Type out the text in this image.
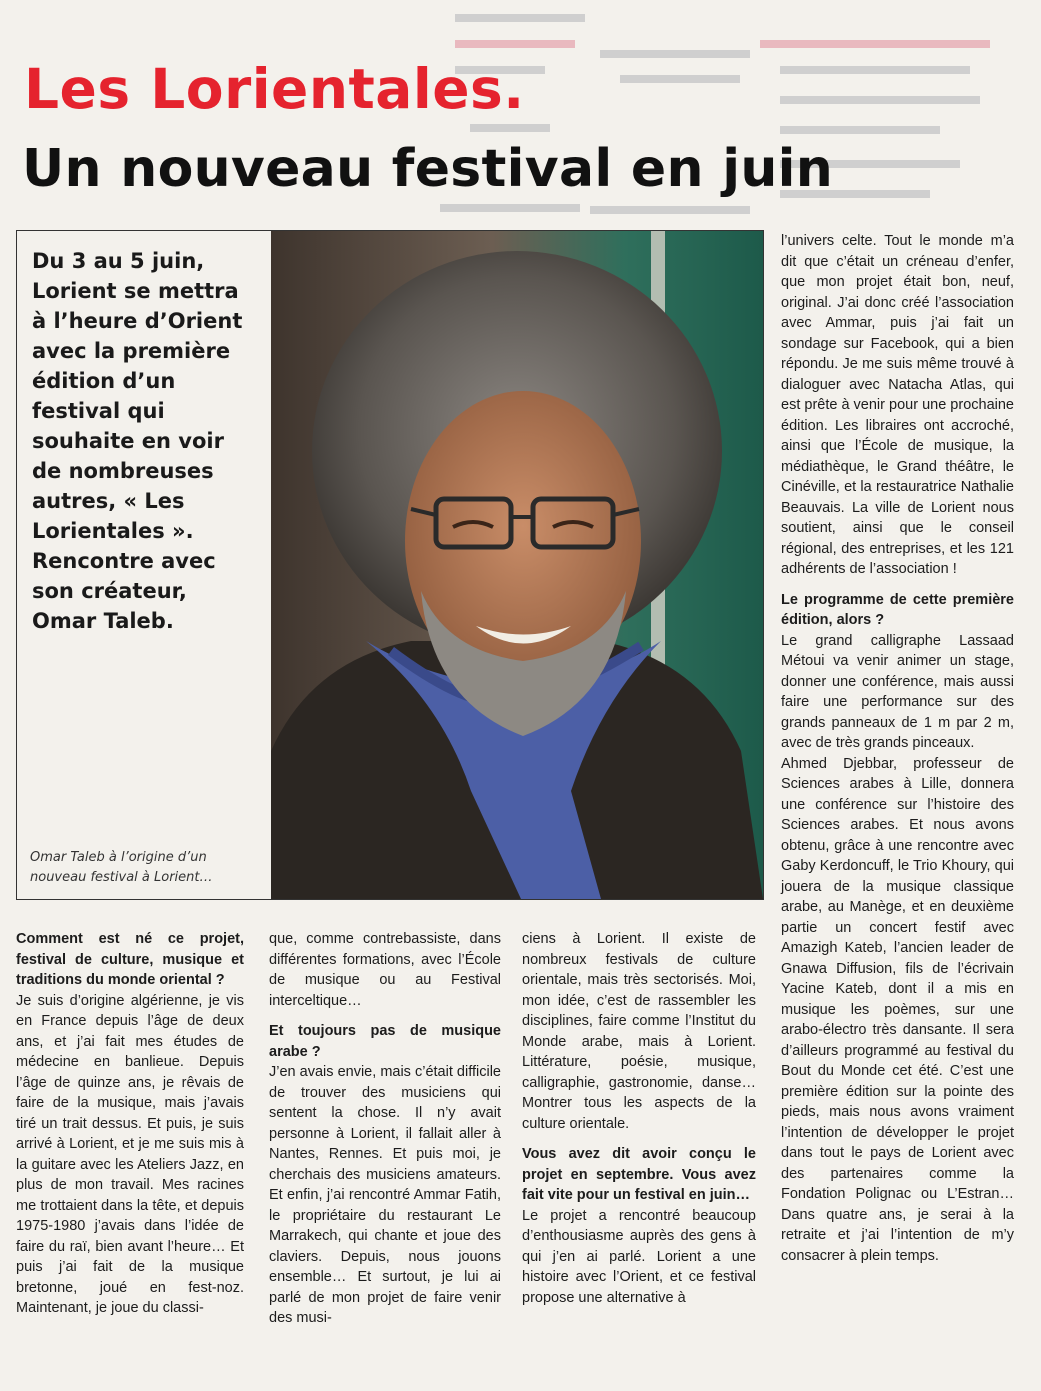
Les Lorientales.
Un nouveau festival en juin

Du 3 au 5 juin, Lorient se mettra à l’heure d’Orient avec la première édition d’un festival qui souhaite en voir de nombreuses autres, « Les Lorientales ». Rencontre avec son créateur, Omar Taleb.

Omar Taleb à l’origine d’un nouveau festival à Lorient…

Comment est né ce projet, festival de culture, musique et traditions du monde oriental ?

Je suis d’origine algérienne, je vis en France depuis l’âge de deux ans, et j’ai fait mes études de médecine en banlieue. Depuis l’âge de quinze ans, je rêvais de faire de la musique, mais j’avais tiré un trait dessus. Et puis, je suis arrivé à Lorient, et je me suis mis à la guitare avec les Ateliers Jazz, en plus de mon travail. Mes racines me trottaient dans la tête, et depuis 1975-1980 j’avais dans l’idée de faire du raï, bien avant l’heure… Et puis j’ai fait de la musique bretonne, joué en fest-noz. Maintenant, je joue du classi-

que, comme contrebassiste, dans différentes formations, avec l’École de musique ou au Festival interceltique…

Et toujours pas de musique arabe ?

J’en avais envie, mais c’était difficile de trouver des musiciens qui sentent la chose. Il n’y avait personne à Lorient, il fallait aller à Nantes, Rennes. Et puis moi, je cherchais des musiciens amateurs. Et enfin, j’ai rencontré Ammar Fatih, le propriétaire du restaurant Le Marrakech, qui chante et joue des claviers. Depuis, nous jouons ensemble… Et surtout, je lui ai parlé de mon projet de faire venir des musi-

ciens à Lorient. Il existe de nombreux festivals de culture orientale, mais très sectorisés. Moi, mon idée, c’est de rassembler les disciplines, faire comme l’Institut du Monde arabe, mais à Lorient. Littérature, poésie, musique, calligraphie, gastronomie, danse… Montrer tous les aspects de la culture orientale.

Vous avez dit avoir conçu le projet en septembre. Vous avez fait vite pour un festival en juin…

Le projet a rencontré beaucoup d’enthousiasme auprès des gens à qui j’en ai parlé. Lorient a une histoire avec l’Orient, et ce festival propose une alternative à

l’univers celte. Tout le monde m’a dit que c’était un créneau d’enfer, que mon projet était bon, neuf, original. J’ai donc créé l’association avec Ammar, puis j’ai fait un sondage sur Facebook, qui a bien répondu. Je me suis même trouvé à dialoguer avec Natacha Atlas, qui est prête à venir pour une prochaine édition. Les libraires ont accroché, ainsi que l’École de musique, la médiathèque, le Grand théâtre, le Cinéville, et la restauratrice Nathalie Beauvais. La ville de Lorient nous soutient, ainsi que le conseil régional, des entreprises, et les 121 adhérents de l’association !

Le programme de cette première édition, alors ?

Le grand calligraphe Lassaad Métoui va venir animer un stage, donner une conférence, mais aussi faire une performance sur des grands panneaux de 1 m par 2 m, avec de très grands pinceaux.

Ahmed Djebbar, professeur de Sciences arabes à Lille, donnera une conférence sur l’histoire des Sciences arabes. Et nous avons obtenu, grâce à une rencontre avec Gaby Kerdoncuff, le Trio Khoury, qui jouera de la musique classique arabe, au Manège, et en deuxième partie un concert festif avec Amazigh Kateb, l’ancien leader de Gnawa Diffusion, fils de l’écrivain Yacine Kateb, dont il a mis en musique les poèmes, sur une arabo-électro très dansante. Il sera d’ailleurs programmé au festival du Bout du Monde cet été. C’est une première édition sur la pointe des pieds, mais nous avons vraiment l’intention de développer le projet dans tout le pays de Lorient avec des partenaires comme la Fondation Polignac ou L’Estran… Dans quatre ans, je serai à la retraite et j’ai l’intention de m’y consacrer à plein temps.
